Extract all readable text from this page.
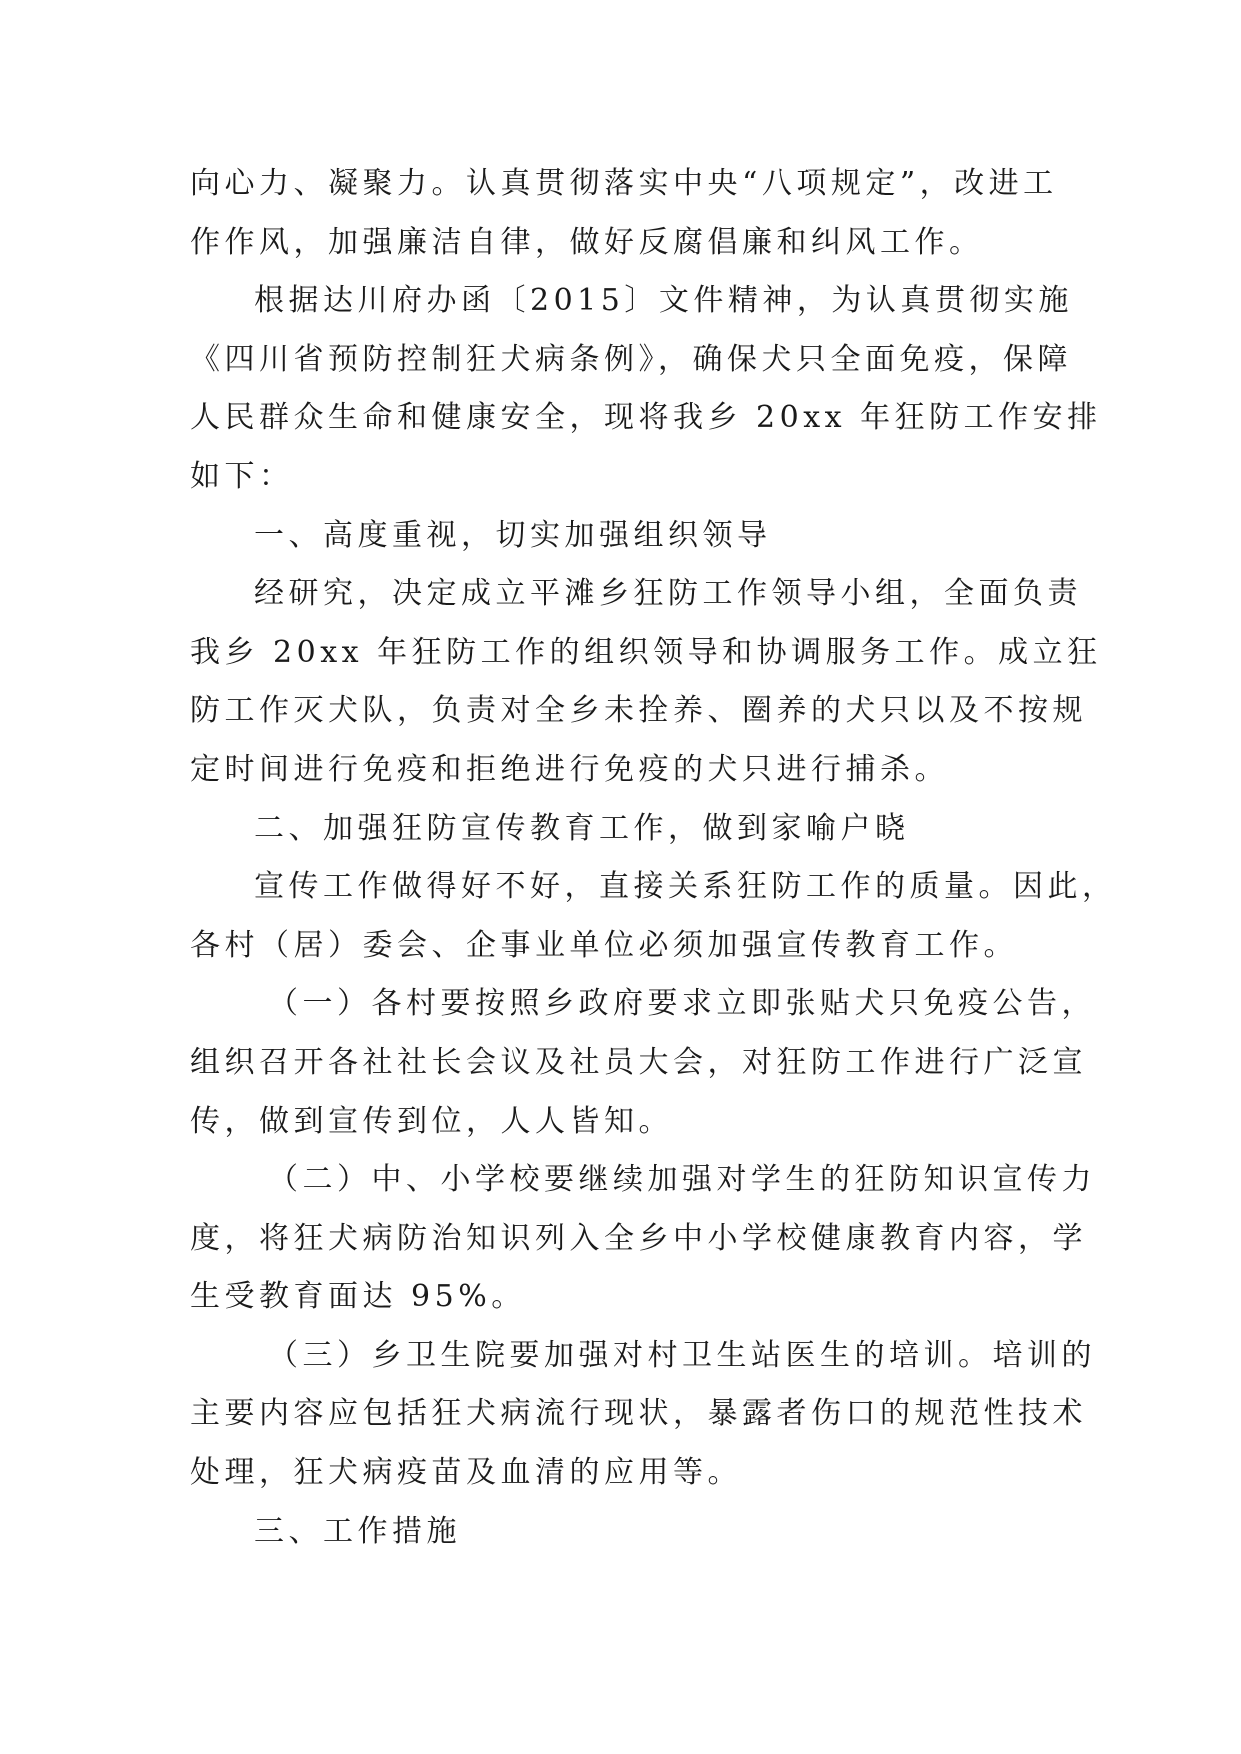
向心力、凝聚力。认真贯彻落实中央“八项规定”，改进工
作作风，加强廉洁自律，做好反腐倡廉和纠风工作。
根据达川府办函〔2015〕文件精神，为认真贯彻实施
《四川省预防控制狂犬病条例》，确保犬只全面免疫，保障
人民群众生命和健康安全，现将我乡 20xx 年狂防工作安排
如下：
一、高度重视，切实加强组织领导
经研究，决定成立平滩乡狂防工作领导小组，全面负责
我乡 20xx 年狂防工作的组织领导和协调服务工作。成立狂
防工作灭犬队，负责对全乡未拴养、圈养的犬只以及不按规
定时间进行免疫和拒绝进行免疫的犬只进行捕杀。
二、加强狂防宣传教育工作，做到家喻户晓
宣传工作做得好不好，直接关系狂防工作的质量。因此，
各村（居）委会、企事业单位必须加强宣传教育工作。
（一）各村要按照乡政府要求立即张贴犬只免疫公告，
组织召开各社社长会议及社员大会，对狂防工作进行广泛宣
传，做到宣传到位，人人皆知。
（二）中、小学校要继续加强对学生的狂防知识宣传力
度，将狂犬病防治知识列入全乡中小学校健康教育内容，学
生受教育面达 95%。
（三）乡卫生院要加强对村卫生站医生的培训。培训的
主要内容应包括狂犬病流行现状，暴露者伤口的规范性技术
处理，狂犬病疫苗及血清的应用等。
三、工作措施
